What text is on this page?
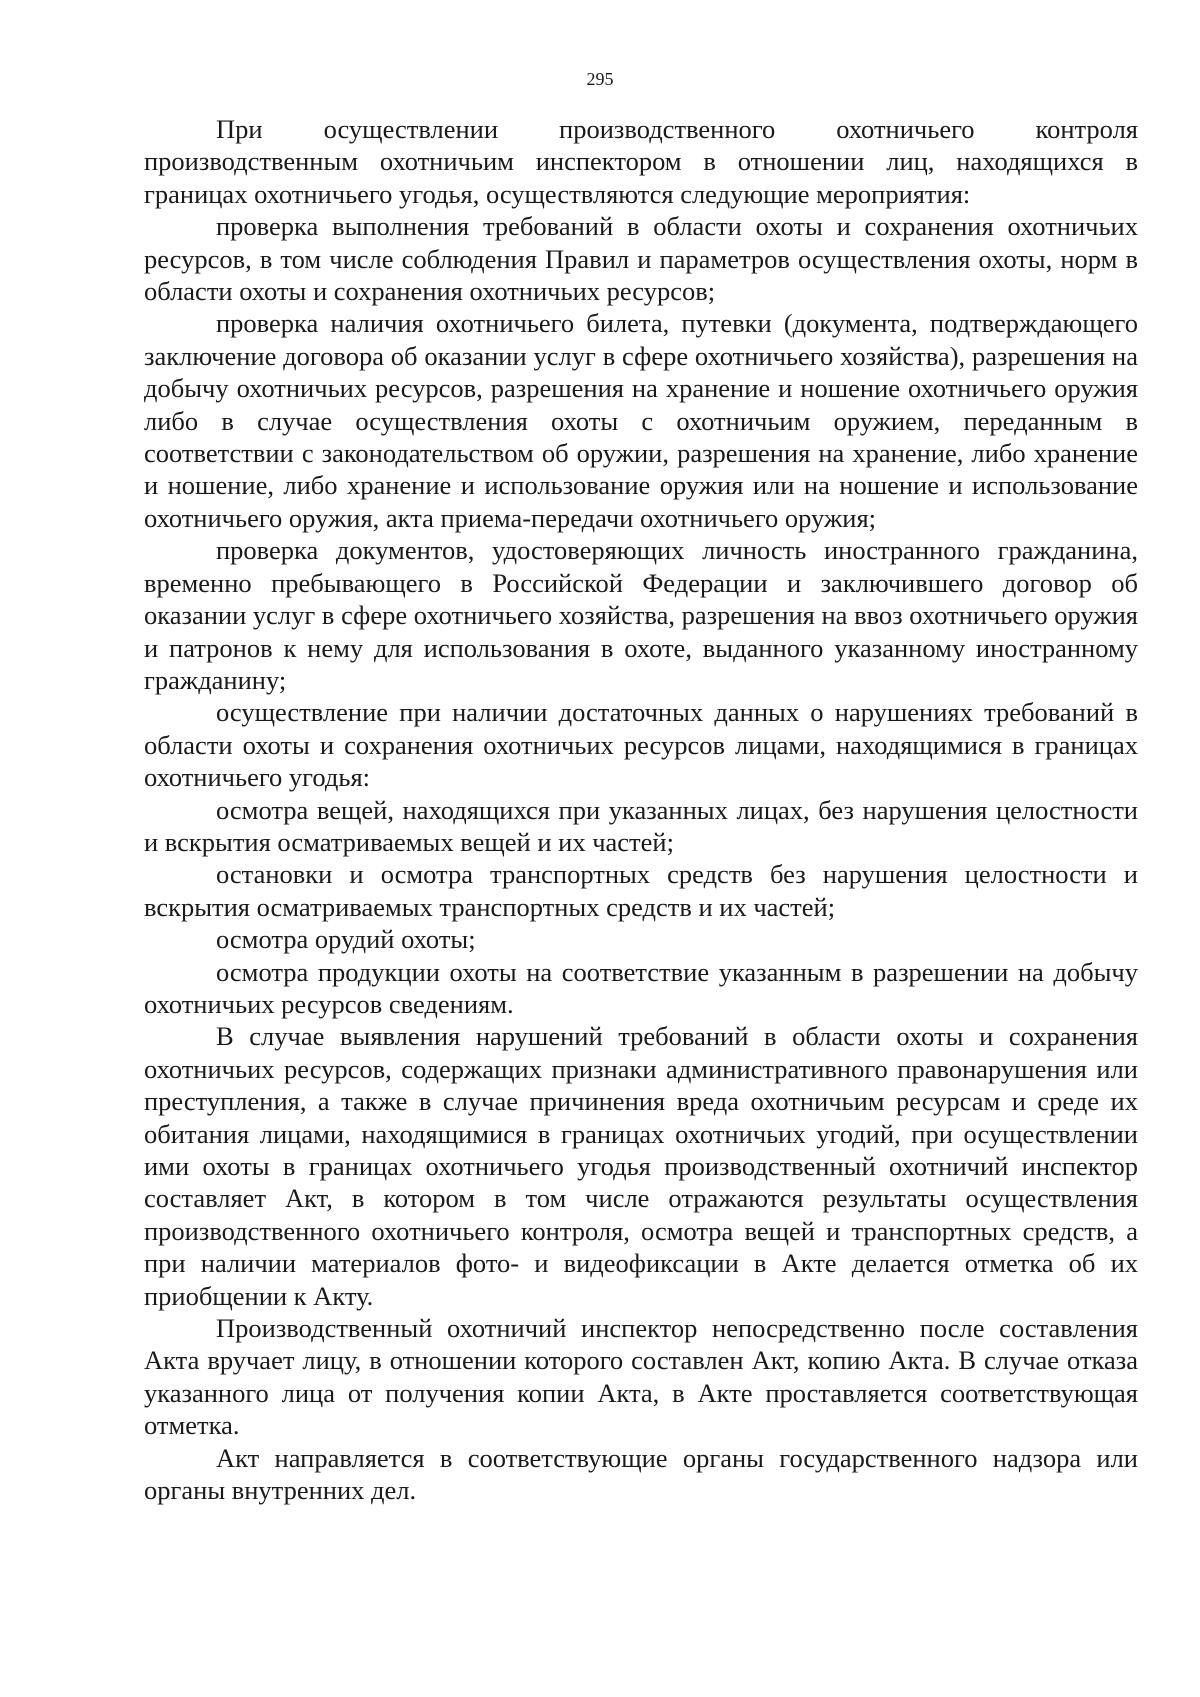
295

При осуществлении производственного охотничьего контроля производственным охотничьим инспектором в отношении лиц, находящихся в границах охотничьего угодья, осуществляются следующие мероприятия:

проверка выполнения требований в области охоты и сохранения охотничьих ресурсов, в том числе соблюдения Правил и параметров осуществления охоты, норм в области охоты и сохранения охотничьих ресурсов;

проверка наличия охотничьего билета, путевки (документа, подтверждающего заключение договора об оказании услуг в сфере охотничьего хозяйства), разрешения на добычу охотничьих ресурсов, разрешения на хранение и ношение охотничьего оружия либо в случае осуществления охоты с охотничьим оружием, переданным в соответствии с законодательством об оружии, разрешения на хранение, либо хранение и ношение, либо хранение и использование оружия или на ношение и использование охотничьего оружия, акта приема-передачи охотничьего оружия;

проверка документов, удостоверяющих личность иностранного гражданина, временно пребывающего в Российской Федерации и заключившего договор об оказании услуг в сфере охотничьего хозяйства, разрешения на ввоз охотничьего оружия и патронов к нему для использования в охоте, выданного указанному иностранному гражданину;

осуществление при наличии достаточных данных о нарушениях требований в области охоты и сохранения охотничьих ресурсов лицами, находящимися в границах охотничьего угодья:

осмотра вещей, находящихся при указанных лицах, без нарушения целостности и вскрытия осматриваемых вещей и их частей;

остановки и осмотра транспортных средств без нарушения целостности и вскрытия осматриваемых транспортных средств и их частей;

осмотра орудий охоты;

осмотра продукции охоты на соответствие указанным в разрешении на добычу охотничьих ресурсов сведениям.

В случае выявления нарушений требований в области охоты и сохранения охотничьих ресурсов, содержащих признаки административного правонарушения или преступления, а также в случае причинения вреда охотничьим ресурсам и среде их обитания лицами, находящимися в границах охотничьих угодий, при осуществлении ими охоты в границах охотничьего угодья производственный охотничий инспектор составляет Акт, в котором в том числе отражаются результаты осуществления производственного охотничьего контроля, осмотра вещей и транспортных средств, а при наличии материалов фото- и видеофиксации в Акте делается отметка об их приобщении к Акту.

Производственный охотничий инспектор непосредственно после составления Акта вручает лицу, в отношении которого составлен Акт, копию Акта. В случае отказа указанного лица от получения копии Акта, в Акте проставляется соответствующая отметка.

Акт направляется в соответствующие органы государственного надзора или органы внутренних дел.
